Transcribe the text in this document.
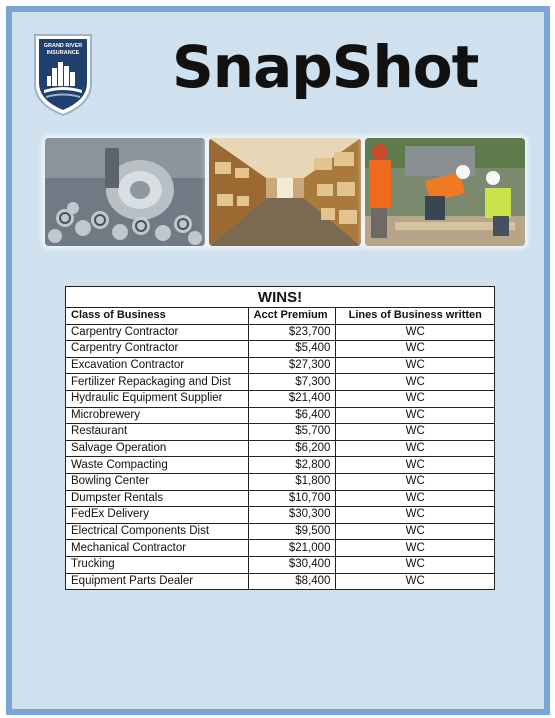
GRAND RIVER INSURANCE SnapShot
WINS!		
Class of Business	Acct Premium	Lines of Business written
Carpentry Contractor	$23,700	WC
Carpentry Contractor	$5,400	WC
Excavation Contractor	$27,300	WC
Fertilizer Repackaging and Dist	$7,300	WC
Hydraulic Equipment Supplier	$21,400	WC
Microbrewery	$6,400	WC
Restaurant	$5,700	WC
Salvage Operation	$6,200	WC
Waste Compacting	$2,800	WC
Bowling Center	$1,800	WC
Dumpster Rentals	$10,700	WC
FedEx Delivery	$30,300	WC
Electrical Components Dist	$9,500	WC
Mechanical Contractor	$21,000	WC
Trucking	$30,400	WC
Equipment Parts Dealer	$8,400	WC
